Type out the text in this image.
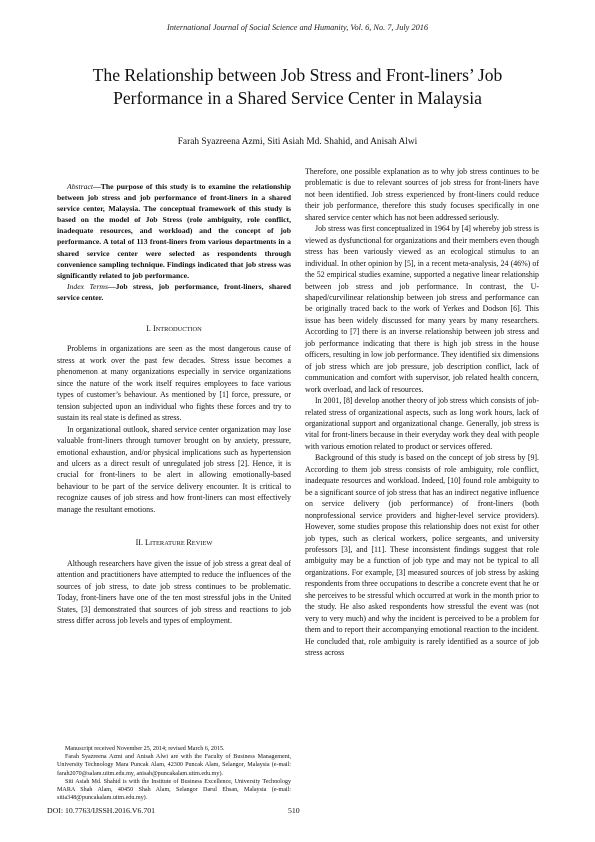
International Journal of Social Science and Humanity, Vol. 6, No. 7, July 2016
The Relationship between Job Stress and Front-liners’ Job
Performance in a Shared Service Center in Malaysia
Farah Syazreena Azmi, Siti Asiah Md. Shahid, and Anisah Alwi

Abstract—The purpose of this study is to examine the relationship between job stress and job performance of front-liners in a shared service center, Malaysia. The conceptual framework of this study is based on the model of Job Stress (role ambiguity, role conflict, inadequate resources, and workload) and the concept of job performance. A total of 113 front-liners from various departments in a shared service center were selected as respondents through convenience sampling technique. Findings indicated that job stress was significantly related to job performance.

Index Terms—Job stress, job performance, front-liners, shared service center.

I. INTRODUCTION

Problems in organizations are seen as the most dangerous cause of stress at work over the past few decades. Stress issue becomes a phenomenon at many organizations especially in service organizations since the nature of the work itself requires employees to face various types of customer’s behaviour. As mentioned by [1] force, pressure, or tension subjected upon an individual who fights these forces and try to sustain its real state is defined as stress.

In organizational outlook, shared service center organization may lose valuable front-liners through turnover brought on by anxiety, pressure, emotional exhaustion, and/or physical implications such as hypertension and ulcers as a direct result of unregulated job stress [2]. Hence, it is crucial for front-liners to be alert in allowing emotionally-based behaviour to be part of the service delivery encounter. It is critical to recognize causes of job stress and how front-liners can most effectively manage the resultant emotions.

II. LITERATURE REVIEW

Although researchers have given the issue of job stress a great deal of attention and practitioners have attempted to reduce the influences of the sources of job stress, to date job stress continues to be problematic. Today, front-liners have one of the ten most stressful jobs in the United States, [3] demonstrated that sources of job stress and reactions to job stress differ across job levels and types of employment.

Manuscript received November 25, 2014; revised March 6, 2015.

Farah Syazreena Azmi and Anisah Alwi are with the Faculty of Business Management, University Technology Mara Puncak Alam, 42300 Puncak Alam, Selangor, Malaysia (e-mail: farah2070@salam.uitm.edu.my, anisah@puncakalam.uitm.edu.my).

Siti Asiah Md. Shahid is with the Institute of Business Excellence, University Technology MARA Shah Alam, 40450 Shah Alam, Selangor Darul Ehsan, Malaysia (e-mail: sitia348@puncakalam.uitm.edu.my).

Therefore, one possible explanation as to why job stress continues to be problematic is due to relevant sources of job stress for front-liners have not been identified. Job stress experienced by front-liners could reduce their job performance, therefore this study focuses specifically in one shared service center which has not been addressed seriously.

Job stress was first conceptualized in 1964 by [4] whereby job stress is viewed as dysfunctional for organizations and their members even though stress has been variously viewed as an ecological stimulus to an individual. In other opinion by [5], in a recent meta-analysis, 24 (46%) of the 52 empirical studies examine, supported a negative linear relationship between job stress and job performance. In contrast, the U-shaped/curvilinear relationship between job stress and performance can be originally traced back to the work of Yerkes and Dodson [6]. This issue has been widely discussed for many years by many researchers. According to [7] there is an inverse relationship between job stress and job performance indicating that there is high job stress in the house officers, resulting in low job performance. They identified six dimensions of job stress which are job pressure, job description conflict, lack of communication and comfort with supervisor, job related health concern, work overload, and lack of resources.

In 2001, [8] develop another theory of job stress which consists of job-related stress of organizational aspects, such as long work hours, lack of organizational support and organizational change. Generally, job stress is vital for front-liners because in their everyday work they deal with people with various emotion related to product or services offered.

Background of this study is based on the concept of job stress by [9]. According to them job stress consists of role ambiguity, role conflict, inadequate resources and workload. Indeed, [10] found role ambiguity to be a significant source of job stress that has an indirect negative influence on service delivery (job performance) of front-liners (both nonprofessional service providers and higher-level service providers). However, some studies propose this relationship does not exist for other job types, such as clerical workers, police sergeants, and university professors [3], and [11]. These inconsistent findings suggest that role ambiguity may be a function of job type and may not be typical to all organizations. For example, [3] measured sources of job stress by asking respondents from three occupations to describe a concrete event that he or she perceives to be stressful which occurred at work in the month prior to the study. He also asked respondents how stressful the event was (not very to very much) and why the incident is perceived to be a problem for them and to report their accompanying emotional reaction to the incident. He concluded that, role ambiguity is rarely identified as a source of job stress across

DOI: 10.7763/IJSSH.2016.V6.701	510
